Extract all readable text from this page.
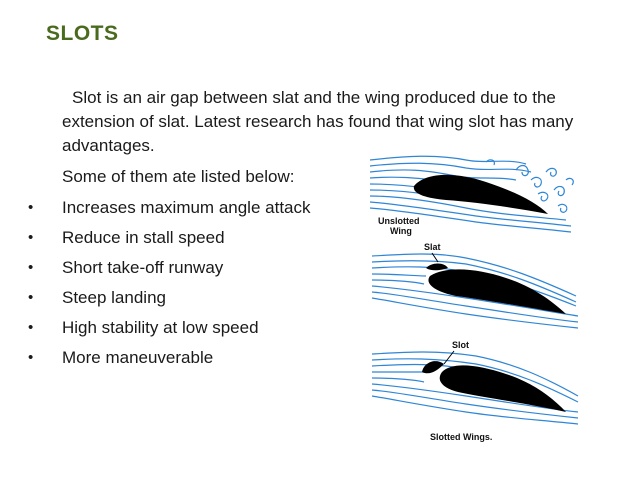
SLOTS
Slot is an air gap between slat and the wing produced due to the extension of slat. Latest research has found that wing slot has many advantages.
Some of them ate listed below:
• Increases maximum angle attack
• Reduce in stall speed
• Short take-off runway
• Steep landing
• High stability at low speed
• More maneuverable
Unslotted
Wing
Slat
Slot
Slotted Wings.
